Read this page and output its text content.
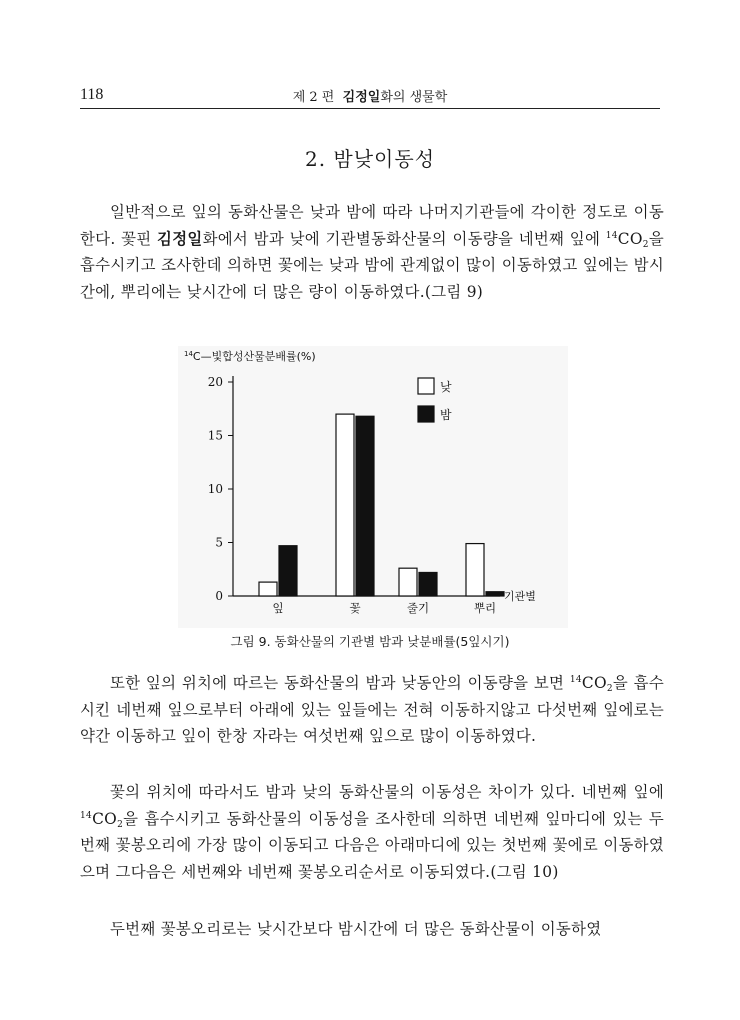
118	제 2 편 김정일화의 생물학
2. 밤낮이동성

일반적으로 잎의 동화산물은 낮과 밤에 따라 나머지기관들에 각이한 정도로 이동한다. 꽃핀 김정일화에서 밤과 낮에 기관별동화산물의 이동량을 네번째 잎에 $^{14}CO_2$을 흡수시키고 조사한데 의하면 꽃에는 낮과 밤에 관계없이 많이 이동하였고 잎에는 밤시간에, 뿌리에는 낮시간에 더 많은 량이 이동하였다.(그림 9)

$^{14}$C—빛합성산물분배률(%)
0
5
10
15
20
잎	꽃	줄기	뿌리
기관별
낮
밤
그림 9. 동화산물의 기관별 밤과 낮분배률(5잎시기)

또한 잎의 위치에 따르는 동화산물의 밤과 낮동안의 이동량을 보면 $^{14}CO_2$을 흡수시킨 네번째 잎으로부터 아래에 있는 잎들에는 전혀 이동하지않고 다섯번째 잎에로는 약간 이동하고 잎이 한창 자라는 여섯번째 잎으로 많이 이동하였다.

꽃의 위치에 따라서도 밤과 낮의 동화산물의 이동성은 차이가 있다. 네번째 잎에 $^{14}CO_2$을 흡수시키고 동화산물의 이동성을 조사한데 의하면 네번째 잎마디에 있는 두번째 꽃봉오리에 가장 많이 이동되고 다음은 아래마디에 있는 첫번째 꽃에로 이동하였으며 그다음은 세번째와 네번째 꽃봉오리순서로 이동되였다.(그림 10)

두번째 꽃봉오리로는 낮시간보다 밤시간에 더 많은 동화산물이 이동하였
